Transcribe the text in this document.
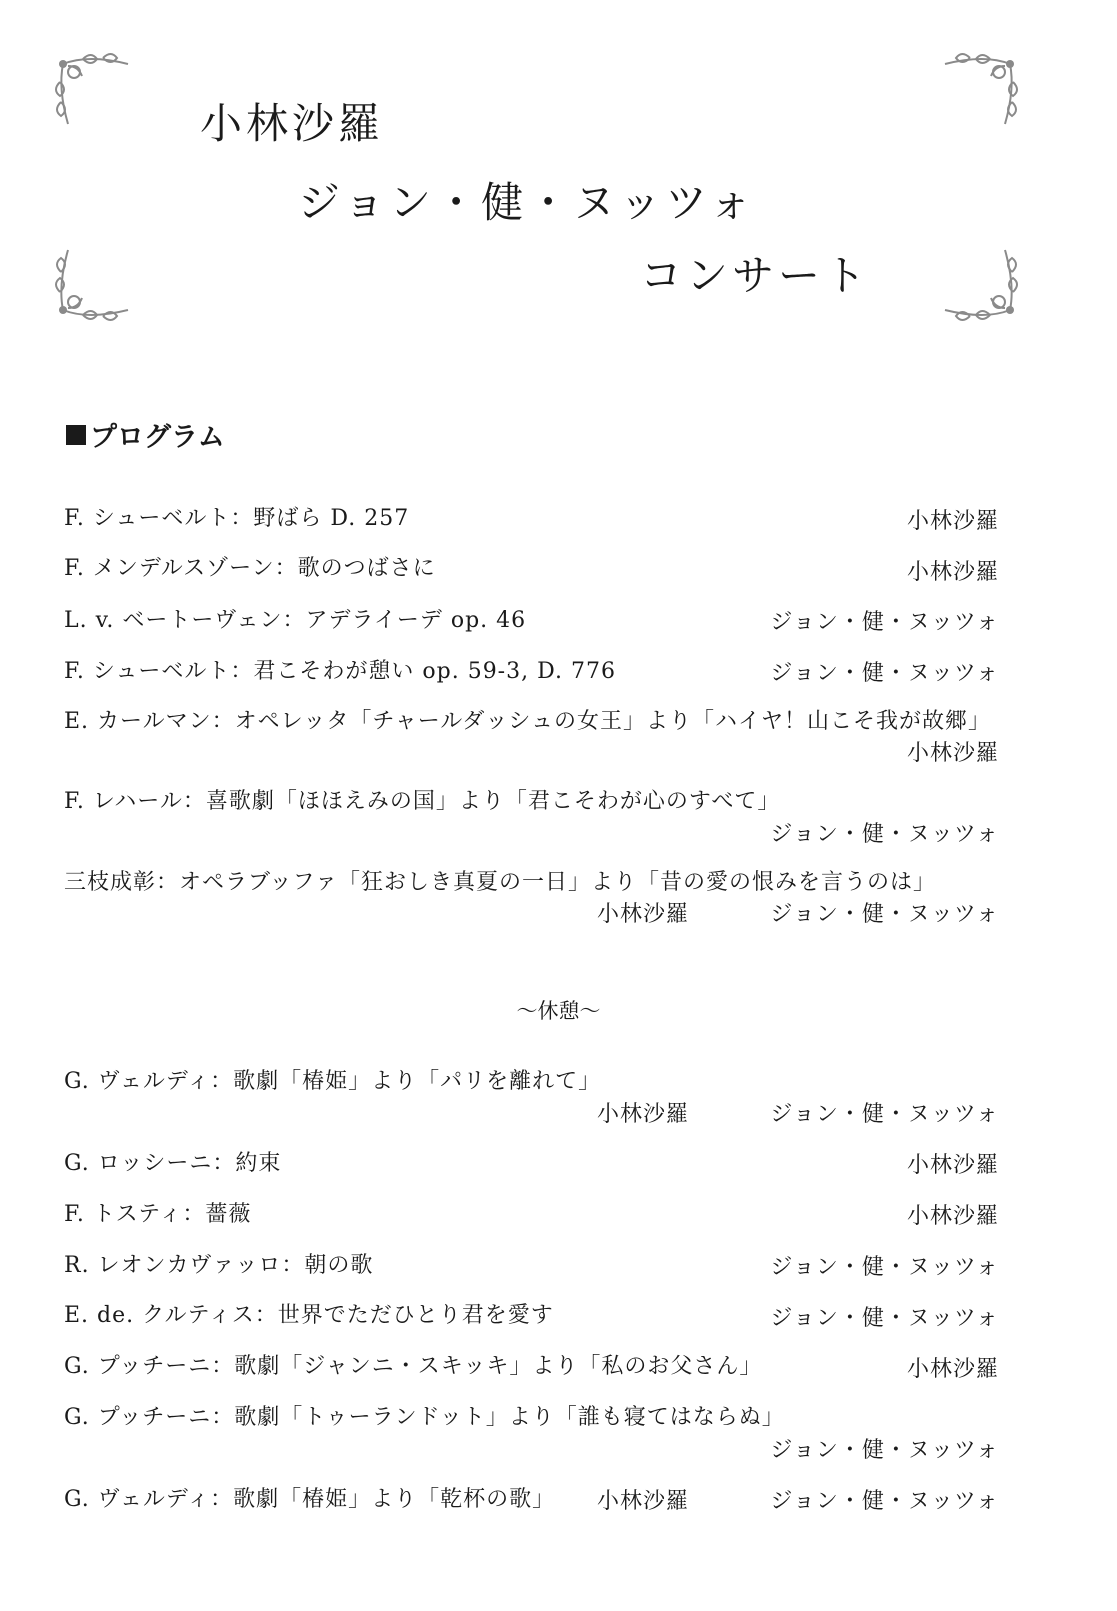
小林沙羅
ジョン・健・ヌッツォ
コンサート
プログラム
F. シューベルト：野ばら D. 257	小林沙羅
F. メンデルスゾーン：歌のつばさに	小林沙羅
L. v. ベートーヴェン：アデライーデ op. 46	ジョン・健・ヌッツォ
F. シューベルト：君こそわが憩い op. 59-3, D. 776	ジョン・健・ヌッツォ
E. カールマン：オペレッタ「チャールダッシュの女王」より「ハイヤ！山こそ我が故郷」
小林沙羅
F. レハール：喜歌劇「ほほえみの国」より「君こそわが心のすべて」
ジョン・健・ヌッツォ
三枝成彰：オペラブッファ「狂おしき真夏の一日」より「昔の愛の恨みを言うのは」
小林沙羅	ジョン・健・ヌッツォ
〜休憩〜
G. ヴェルディ：歌劇「椿姫」より「パリを離れて」
小林沙羅	ジョン・健・ヌッツォ
G. ロッシーニ：約束	小林沙羅
F. トスティ：薔薇	小林沙羅
R. レオンカヴァッロ：朝の歌	ジョン・健・ヌッツォ
E. de. クルティス：世界でただひとり君を愛す	ジョン・健・ヌッツォ
G. プッチーニ：歌劇「ジャンニ・スキッキ」より「私のお父さん」	小林沙羅
G. プッチーニ：歌劇「トゥーランドット」より「誰も寝てはならぬ」
ジョン・健・ヌッツォ
G. ヴェルディ：歌劇「椿姫」より「乾杯の歌」 小林沙羅	ジョン・健・ヌッツォ
